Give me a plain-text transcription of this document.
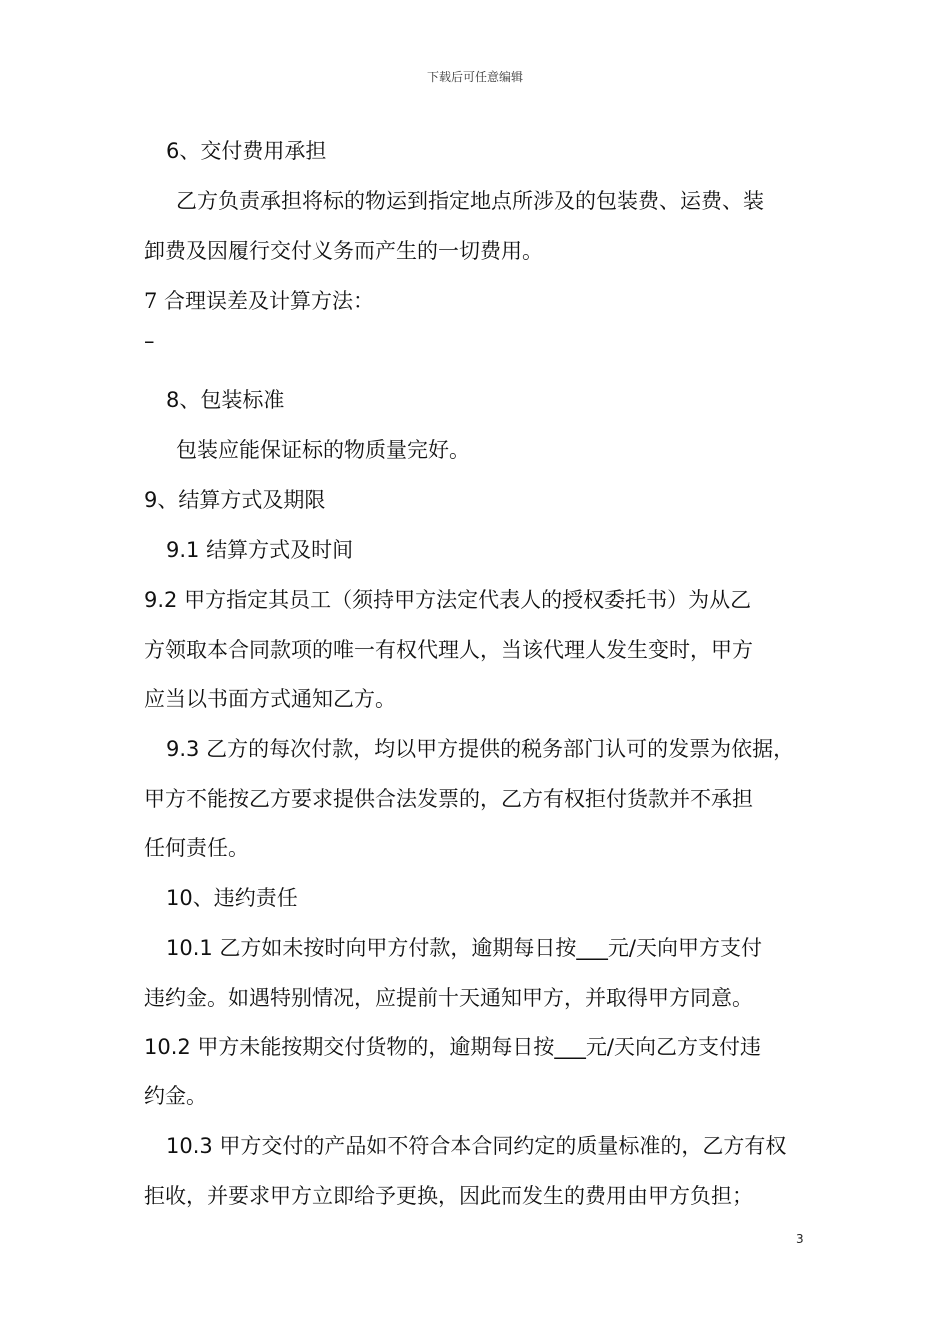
下载后可任意编辑
6、交付费用承担
乙方负责承担将标的物运到指定地点所涉及的包装费、运费、装
卸费及因履行交付义务而产生的一切费用。
7 合理误差及计算方法：
–
8、包装标准
包装应能保证标的物质量完好。
9、结算方式及期限
9.1 结算方式及时间
9.2 甲方指定其员工（须持甲方法定代表人的授权委托书）为从乙
方领取本合同款项的唯一有权代理人，当该代理人发生变时，甲方
应当以书面方式通知乙方。
9.3 乙方的每次付款，均以甲方提供的税务部门认可的发票为依据，
甲方不能按乙方要求提供合法发票的，乙方有权拒付货款并不承担
任何责任。
10、违约责任
10.1 乙方如未按时向甲方付款，逾期每日按___元/天向甲方支付
违约金。如遇特别情况，应提前十天通知甲方，并取得甲方同意。
10.2 甲方未能按期交付货物的，逾期每日按___元/天向乙方支付违
约金。
10.3 甲方交付的产品如不符合本合同约定的质量标准的，乙方有权
拒收，并要求甲方立即给予更换，因此而发生的费用由甲方负担；
3
